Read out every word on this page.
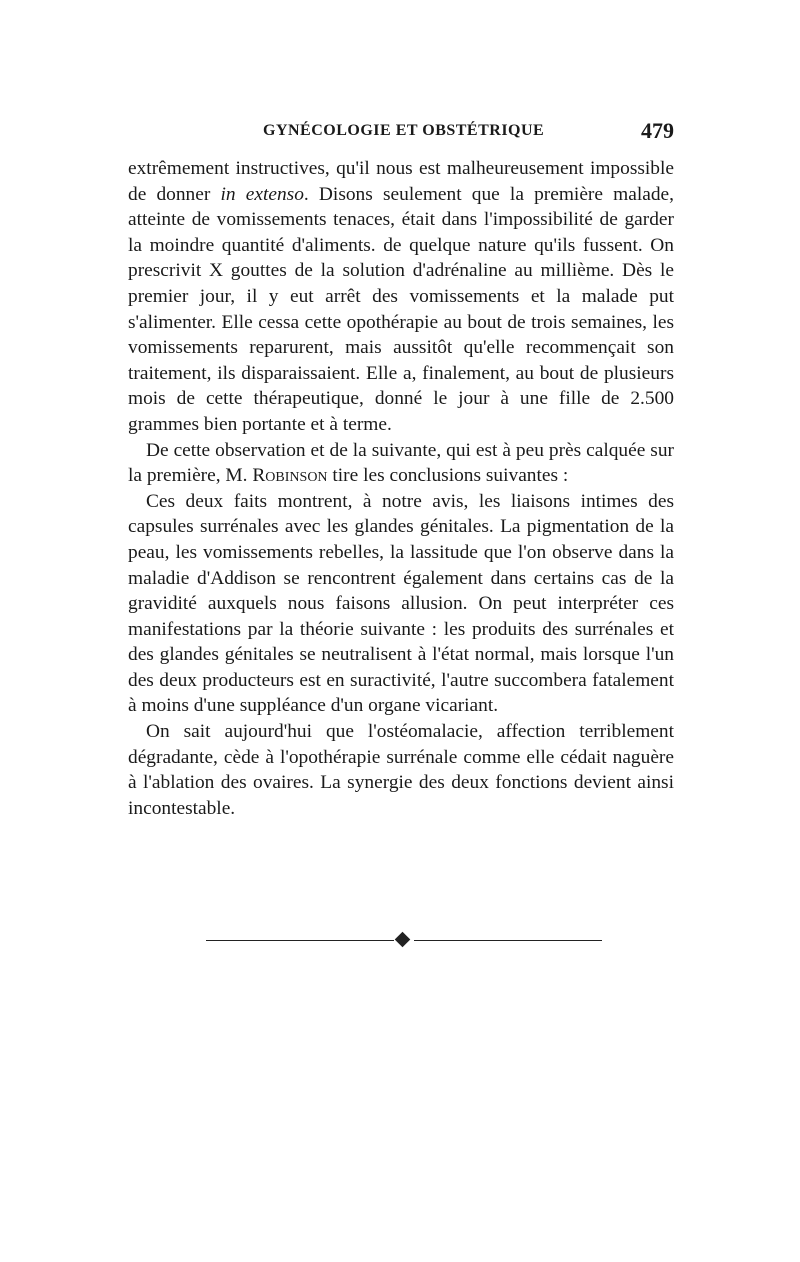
GYNÉCOLOGIE ET OBSTÉTRIQUE	479

extrêmement instructives, qu'il nous est malheureusement impossible de donner in extenso. Disons seulement que la première malade, atteinte de vomissements tenaces, était dans l'impossibilité de garder la moindre quantité d'aliments. de quelque nature qu'ils fussent. On prescrivit X gouttes de la solution d'adrénaline au millième. Dès le premier jour, il y eut arrêt des vomissements et la malade put s'alimenter. Elle cessa cette opothérapie au bout de trois semaines, les vomissements reparurent, mais aussitôt qu'elle recommençait son traitement, ils disparaissaient. Elle a, finalement, au bout de plusieurs mois de cette thérapeutique, donné le jour à une fille de 2.500 grammes bien portante et à terme.

De cette observation et de la suivante, qui est à peu près calquée sur la première, M. Robinson tire les conclusions suivantes :

Ces deux faits montrent, à notre avis, les liaisons intimes des capsules surrénales avec les glandes génitales. La pigmentation de la peau, les vomissements rebelles, la lassitude que l'on observe dans la maladie d'Addison se rencontrent également dans certains cas de la gravidité auxquels nous faisons allusion. On peut interpréter ces manifestations par la théorie suivante : les produits des surrénales et des glandes génitales se neutralisent à l'état normal, mais lorsque l'un des deux producteurs est en suractivité, l'autre succombera fatalement à moins d'une suppléance d'un organe vicariant.

On sait aujourd'hui que l'ostéomalacie, affection terriblement dégradante, cède à l'opothérapie surrénale comme elle cédait naguère à l'ablation des ovaires. La synergie des deux fonctions devient ainsi incontestable.
